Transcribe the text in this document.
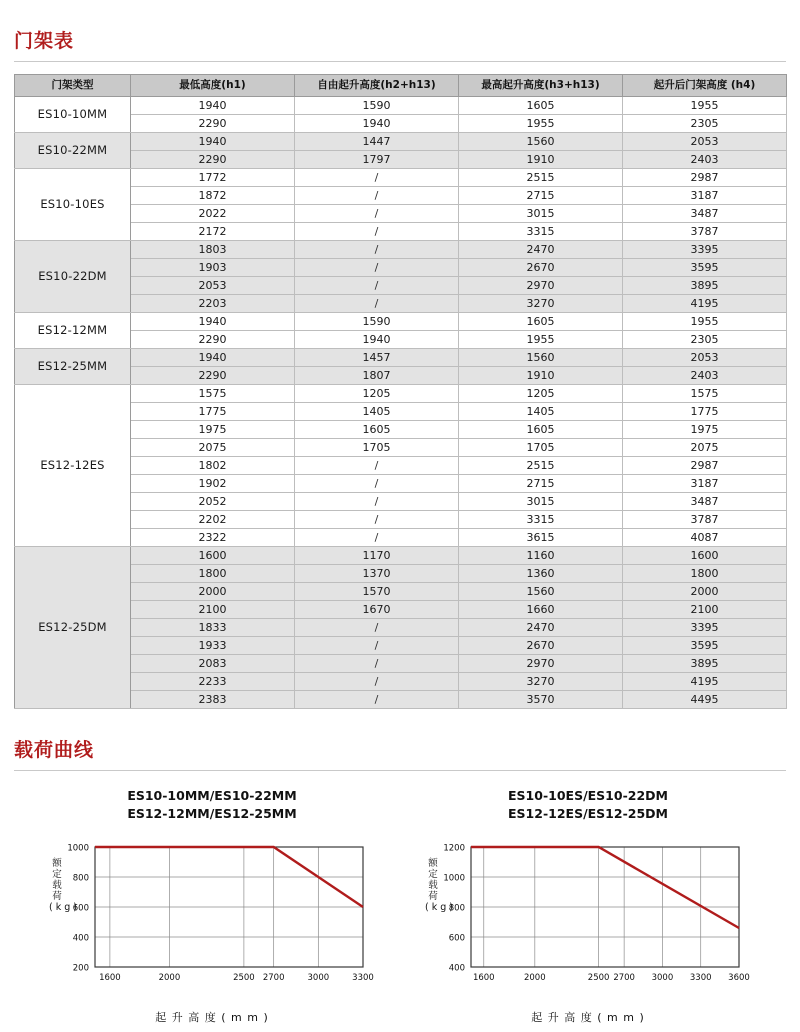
门架表
门架类型	最低高度(h1)	自由起升高度(h2+h13)	最高起升高度(h3+h13)	起升后门架高度 (h4)
ES10-10MM	1940	1590	1605	1955
	2290	1940	1955	2305
ES10-22MM	1940	1447	1560	2053
	2290	1797	1910	2403
ES10-10ES	1772	/	2515	2987
	1872	/	2715	3187
	2022	/	3015	3487
	2172	/	3315	3787
ES10-22DM	1803	/	2470	3395
	1903	/	2670	3595
	2053	/	2970	3895
	2203	/	3270	4195
ES12-12MM	1940	1590	1605	1955
	2290	1940	1955	2305
ES12-25MM	1940	1457	1560	2053
	2290	1807	1910	2403
ES12-12ES	1575	1205	1205	1575
	1775	1405	1405	1775
	1975	1605	1605	1975
	2075	1705	1705	2075
	1802	/	2515	2987
	1902	/	2715	3187
	2052	/	3015	3487
	2202	/	3315	3787
	2322	/	3615	4087
ES12-25DM	1600	1170	1160	1600
	1800	1370	1360	1800
	2000	1570	1560	2000
	2100	1670	1660	2100
	1833	/	2470	3395
	1933	/	2670	3595
	2083	/	2970	3895
	2233	/	3270	4195
	2383	/	3570	4495
载荷曲线
ES10-10MM/ES10-22MM
ES12-12MM/ES12-25MM
额 定 载 荷
( k g )
200
400
600
800
1000
1600	2000	2500 2700	3000	3300
起 升 高 度 ( m m )
ES10-10ES/ES10-22DM
ES12-12ES/ES12-25DM
额 定 载 荷
( k g )
400
600
800
1000
1200
1600	2000	2500 2700 3000 3300 3600
起 升 高 度 ( m m )
